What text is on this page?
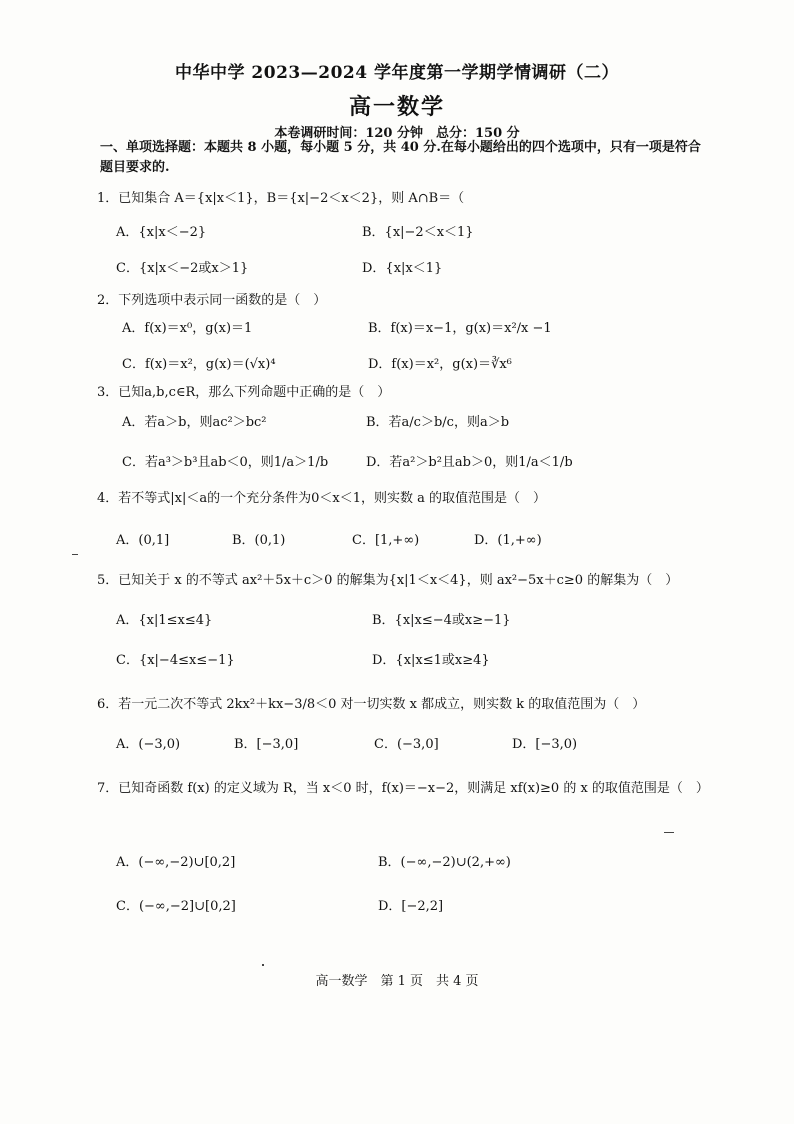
中华中学 2023—2024 学年度第一学期学情调研（二）
高一数学
本卷调研时间：120 分钟　总分：150 分
一、单项选择题：本题共 8 小题，每小题 5 分，共 40 分.在每小题给出的四个选项中，只有一项是符合题目要求的.
1．已知集合 A＝{x|x＜1}，B＝{x|−2＜x＜2}，则 A∩B＝（
A．{x|x＜−2}	B．{x|−2＜x＜1}
C．{x|x＜−2或x＞1}	D．{x|x＜1}
2．下列选项中表示同一函数的是（　）
A．f(x)＝x⁰，g(x)＝1	B．f(x)＝x−1，g(x)＝x²/x −1
C．f(x)＝x²，g(x)＝(√x)⁴	D．f(x)＝x²，g(x)＝∛x⁶
3．已知a,b,c∈R，那么下列命题中正确的是（　）
A．若a＞b，则ac²＞bc²	B．若a/c＞b/c，则a＞b
C．若a³＞b³且ab＜0，则1/a＞1/b	D．若a²＞b²且ab＞0，则1/a＜1/b
4．若不等式|x|＜a的一个充分条件为0＜x＜1，则实数 a 的取值范围是（　）
A．(0,1]	B．(0,1)	C．[1,+∞)	D．(1,+∞)
5．已知关于 x 的不等式 ax²＋5x＋c＞0 的解集为{x|1＜x＜4}，则 ax²−5x＋c≥0 的解集为（　）
A．{x|1≤x≤4}	B．{x|x≤−4或x≥−1}
C．{x|−4≤x≤−1}	D．{x|x≤1或x≥4}
6．若一元二次不等式 2kx²＋kx−3/8＜0 对一切实数 x 都成立，则实数 k 的取值范围为（　）
A．(−3,0)	B．[−3,0]	C．(−3,0]	D．[−3,0)
7．已知奇函数 f(x) 的定义域为 R，当 x＜0 时，f(x)＝−x−2，则满足 xf(x)≥0 的 x 的取值范围是（　）
A．(−∞,−2)∪[0,2]	B．(−∞,−2)∪(2,+∞)
C．(−∞,−2]∪[0,2]	D．[−2,2]
高一数学　第 1 页　共 4 页
